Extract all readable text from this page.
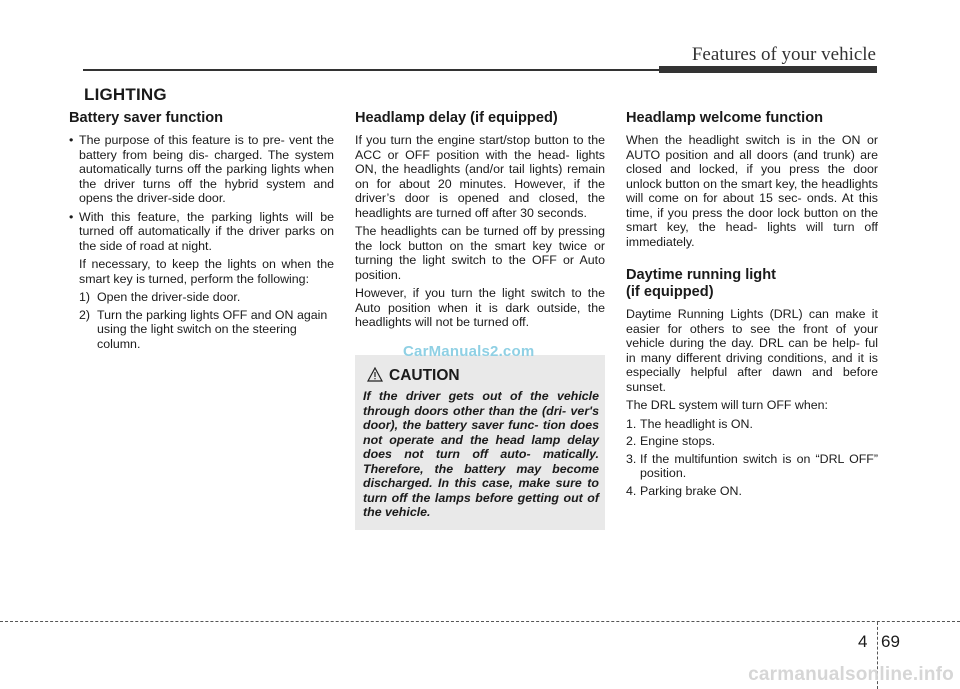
Features of your vehicle
LIGHTING
Battery saver function
• The purpose of this feature is to pre- vent the battery from being dis- charged. The system automatically turns off the parking lights when the driver turns off the hybrid system and opens the driver-side door.
• With this feature, the parking lights will be turned off automatically if the driver parks on the side of road at night.
If necessary, to keep the lights on when the smart key is turned, perform the following:
1) Open the driver-side door.
2) Turn the parking lights OFF and ON again using the light switch on the steering column.
Headlamp delay (if equipped)

If you turn the engine start/stop button to the ACC or OFF position with the head- lights ON, the headlights (and/or tail lights) remain on for about 20 minutes. However, if the driver’s door is opened and closed, the headlights are turned off after 30 seconds.

The headlights can be turned off by pressing the lock button on the smart key twice or turning the light switch to the OFF or Auto position.

However, if you turn the light switch to the Auto position when it is dark outside, the headlights will not be turned off.

CAUTION
If the driver gets out of the vehicle through doors other than the (dri- ver's door), the battery saver func- tion does not operate and the head lamp delay does not turn off auto- matically. Therefore, the battery may become discharged. In this case, make sure to turn off the lamps before getting out of the vehicle.
CarManuals2.com
Headlamp welcome function

When the headlight switch is in the ON or AUTO position and all doors (and trunk) are closed and locked, if you press the door unlock button on the smart key, the headlights will come on for about 15 sec- onds. At this time, if you press the door lock button on the smart key, the head- lights will turn off immediately.

Daytime running light
(if equipped)

Daytime Running Lights (DRL) can make it easier for others to see the front of your vehicle during the day. DRL can be help- ful in many different driving conditions, and it is especially helpful after dawn and before sunset.

The DRL system will turn OFF when:

1. The headlight is ON.
2. Engine stops.
3. If the multifuntion switch is on “DRL OFF” position.
4. Parking brake ON.
4 69
carmanualsonline.info
